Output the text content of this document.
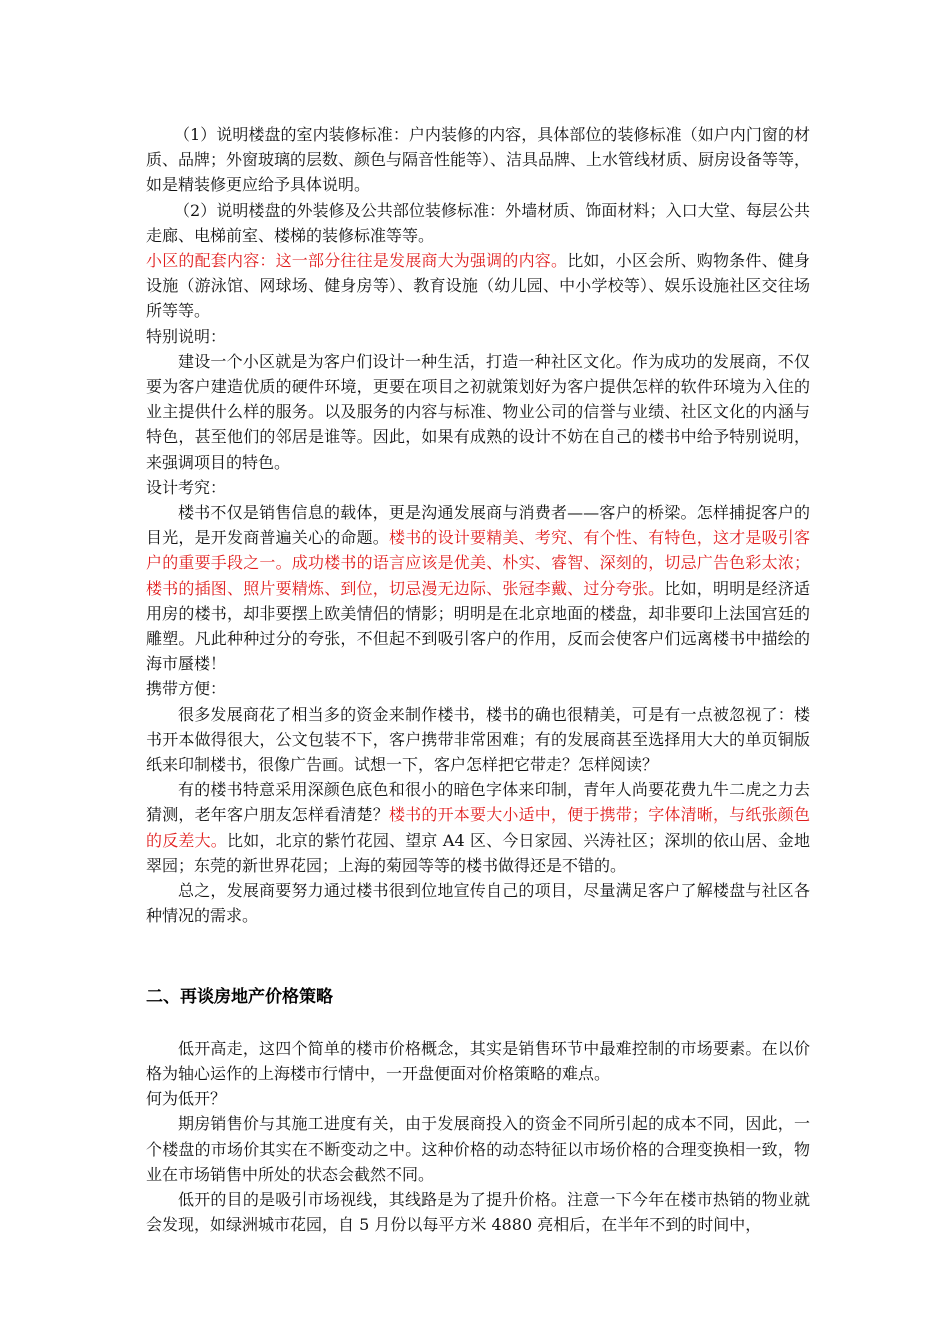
（1）说明楼盘的室内装修标准：户内装修的内容，具体部位的装修标准（如户内门窗的材质、品牌；外窗玻璃的层数、颜色与隔音性能等）、洁具品牌、上水管线材质、厨房设备等等，如是精装修更应给予具体说明。

（2）说明楼盘的外装修及公共部位装修标准：外墙材质、饰面材料；入口大堂、每层公共走廊、电梯前室、楼梯的装修标准等等。

小区的配套内容：这一部分往往是发展商大为强调的内容。比如，小区会所、购物条件、健身设施（游泳馆、网球场、健身房等）、教育设施（幼儿园、中小学校等）、娱乐设施社区交往场所等等。

特别说明：

建设一个小区就是为客户们设计一种生活，打造一种社区文化。作为成功的发展商，不仅要为客户建造优质的硬件环境，更要在项目之初就策划好为客户提供怎样的软件环境为入住的业主提供什么样的服务。以及服务的内容与标准、物业公司的信誉与业绩、社区文化的内涵与特色，甚至他们的邻居是谁等。因此，如果有成熟的设计不妨在自己的楼书中给予特别说明，来强调项目的特色。

设计考究：

楼书不仅是销售信息的载体，更是沟通发展商与消费者——客户的桥梁。怎样捕捉客户的目光，是开发商普遍关心的命题。楼书的设计要精美、考究、有个性、有特色，这才是吸引客户的重要手段之一。成功楼书的语言应该是优美、朴实、睿智、深刻的，切忌广告色彩太浓；楼书的插图、照片要精炼、到位，切忌漫无边际、张冠李戴、过分夸张。比如，明明是经济适用房的楼书，却非要摆上欧美情侣的情影；明明是在北京地面的楼盘，却非要印上法国宫廷的雕塑。凡此种种过分的夸张，不但起不到吸引客户的作用，反而会使客户们远离楼书中描绘的海市蜃楼！

携带方便：

很多发展商花了相当多的资金来制作楼书，楼书的确也很精美，可是有一点被忽视了：楼书开本做得很大，公文包装不下，客户携带非常困难；有的发展商甚至选择用大大的单页铜版纸来印制楼书，很像广告画。试想一下，客户怎样把它带走？怎样阅读？

有的楼书特意采用深颜色底色和很小的暗色字体来印制，青年人尚要花费九牛二虎之力去猜测，老年客户朋友怎样看清楚？楼书的开本要大小适中，便于携带；字体清晰，与纸张颜色的反差大。比如，北京的紫竹花园、望京 A4 区、今日家园、兴涛社区；深圳的依山居、金地翠园；东莞的新世界花园；上海的菊园等等的楼书做得还是不错的。

总之，发展商要努力通过楼书很到位地宣传自己的项目，尽量满足客户了解楼盘与社区各种情况的需求。

二、再谈房地产价格策略

低开高走，这四个简单的楼市价格概念，其实是销售环节中最难控制的市场要素。在以价格为轴心运作的上海楼市行情中，一开盘便面对价格策略的难点。

何为低开？

期房销售价与其施工进度有关，由于发展商投入的资金不同所引起的成本不同，因此，一个楼盘的市场价其实在不断变动之中。这种价格的动态特征以市场价格的合理变换相一致，物业在市场销售中所处的状态会截然不同。

低开的目的是吸引市场视线，其线路是为了提升价格。注意一下今年在楼市热销的物业就会发现，如绿洲城市花园，自 5 月份以每平方米 4880 亮相后，在半年不到的时间中，
